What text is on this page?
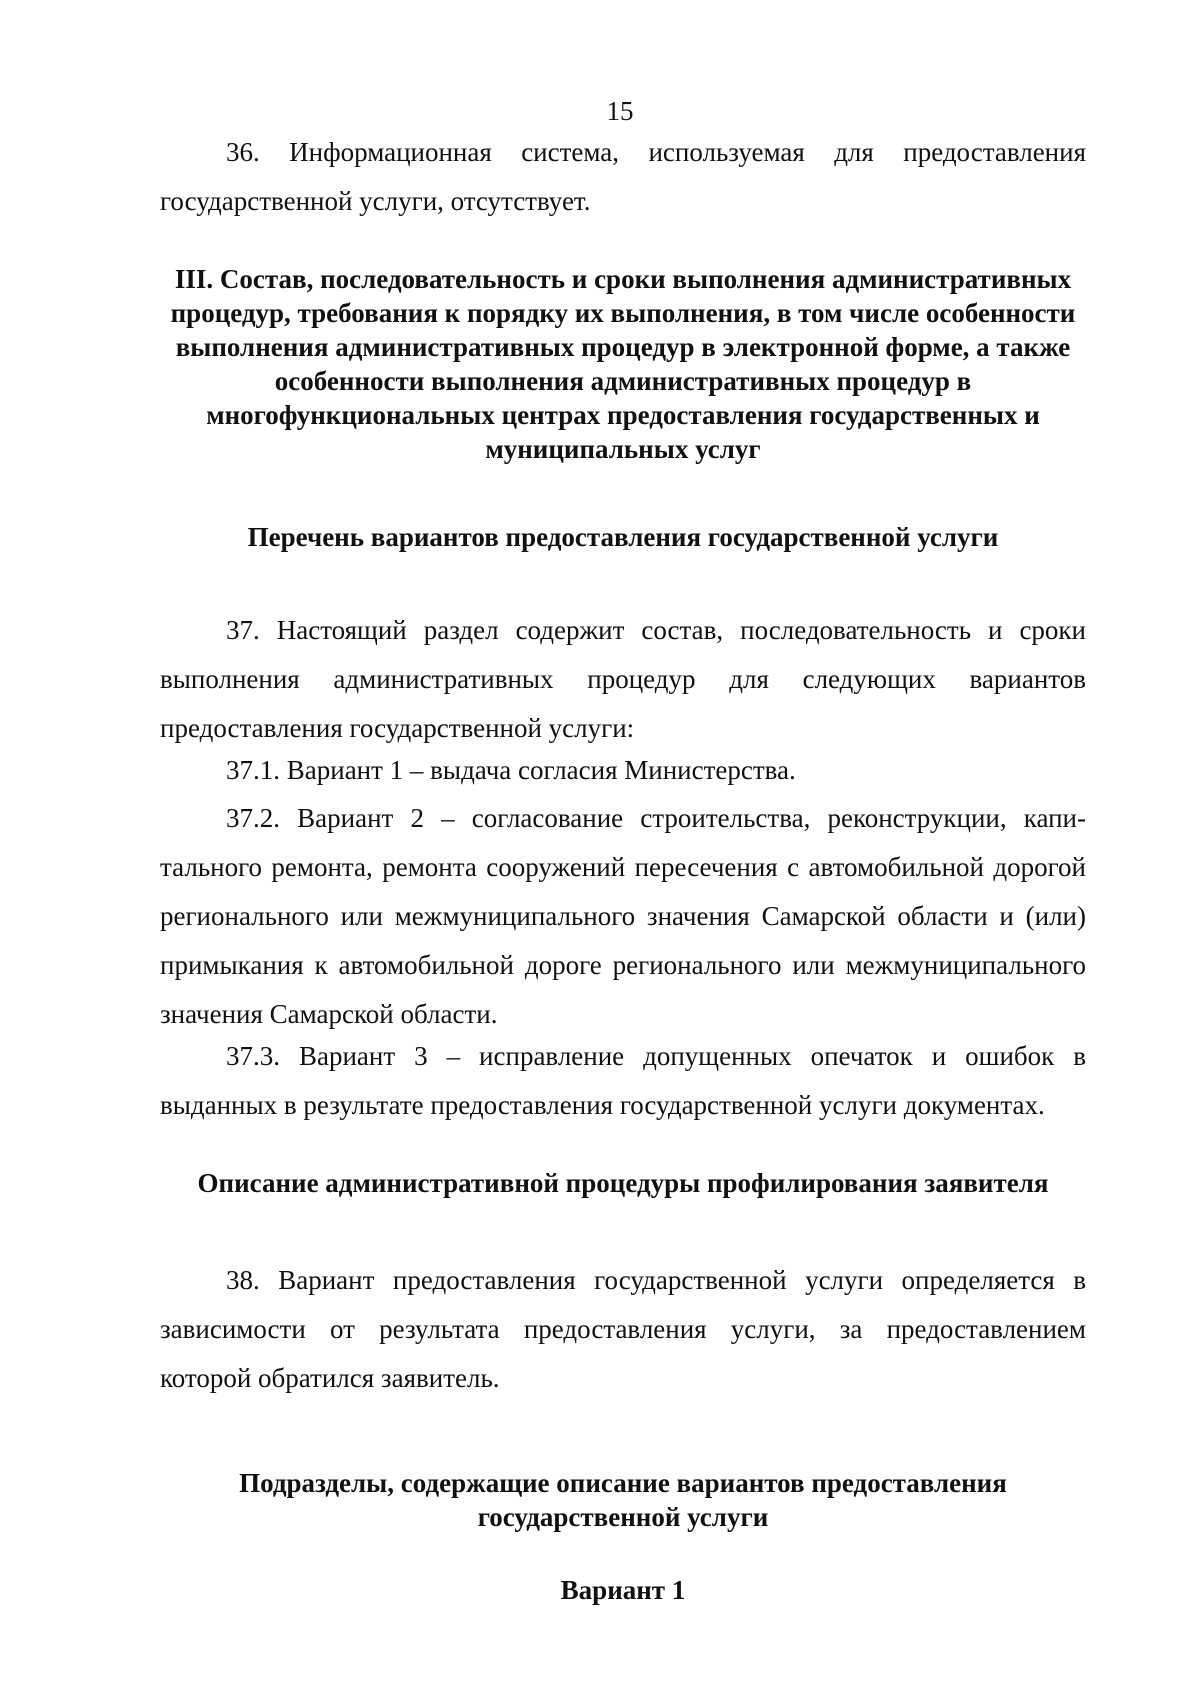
15
36. Информационная система, используемая для предоставления
государственной услуги, отсутствует.
III. Состав, последовательность и сроки выполнения административных
процедур, требования к порядку их выполнения, в том числе особенности
выполнения административных процедур в электронной форме, а также
особенности выполнения административных процедур в
многофункциональных центрах предоставления государственных и
муниципальных услуг
Перечень вариантов предоставления государственной услуги
37. Настоящий раздел содержит состав, последовательность и сроки
выполнения административных процедур для следующих вариантов
предоставления государственной услуги:
37.1. Вариант 1 – выдача согласия Министерства.
37.2. Вариант 2 – согласование строительства, реконструкции, капи-
тального ремонта, ремонта сооружений пересечения с автомобильной дорогой
регионального или межмуниципального значения Самарской области и (или)
примыкания к автомобильной дороге регионального или межмуниципального
значения Самарской области.
37.3. Вариант 3 – исправление допущенных опечаток и ошибок в
выданных в результате предоставления государственной услуги документах.
Описание административной процедуры профилирования заявителя
38. Вариант предоставления государственной услуги определяется в
зависимости от результата предоставления услуги, за предоставлением
которой обратился заявитель.
Подразделы, содержащие описание вариантов предоставления
государственной услуги
Вариант 1
